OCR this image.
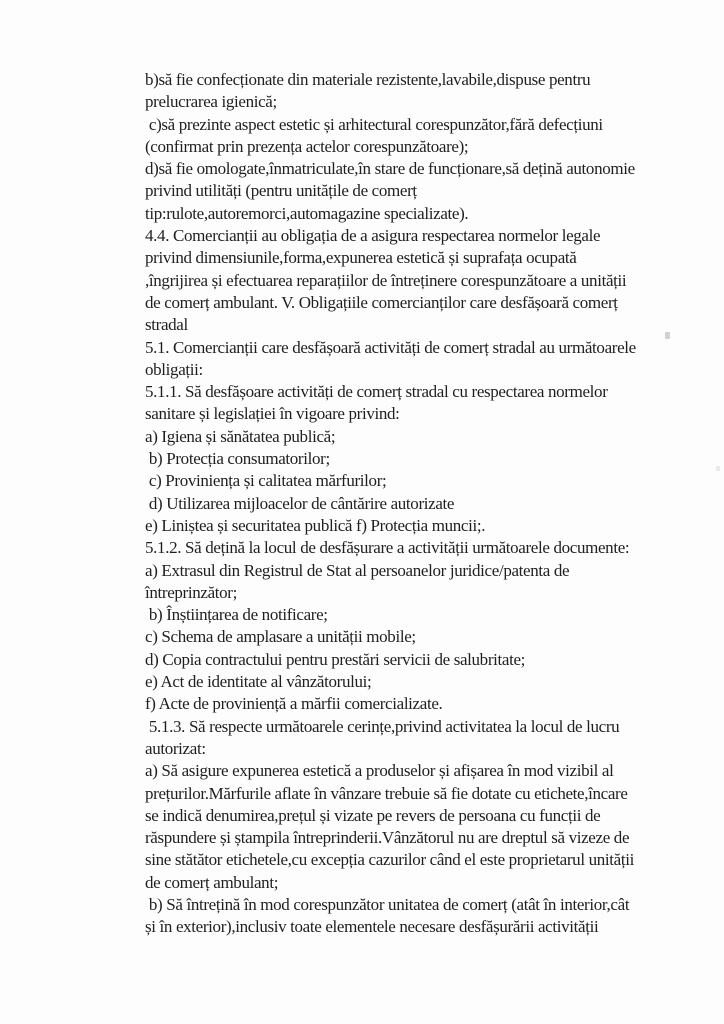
b)să fie confecționate din materiale rezistente,lavabile,dispuse pentru
prelucrarea igienică;
c)să prezinte aspect estetic și arhitectural corespunzător,fără defecțiuni
(confirmat prin prezența actelor corespunzătoare);
d)să fie omologate,înmatriculate,în stare de funcționare,să dețină autonomie
privind utilități (pentru unitățile de comerț
tip:rulote,autoremorci,automagazine specializate).
4.4. Comercianții au obligația de a asigura respectarea normelor legale
privind dimensiunile,forma,expunerea estetică și suprafața ocupată
,îngrijirea și efectuarea reparațiilor de întreținere corespunzătoare a unității
de comerț ambulant. V. Obligațiile comercianților care desfășoară comerț
stradal
5.1. Comercianții care desfășoară activități de comerț stradal au următoarele
obligații:
5.1.1. Să desfășoare activități de comerț stradal cu respectarea normelor
sanitare și legislației în vigoare privind:
a) Igiena și sănătatea publică;
b) Protecția consumatorilor;
c) Proviniența și calitatea mărfurilor;
d) Utilizarea mijloacelor de cântărire autorizate
e) Liniștea și securitatea publică f) Protecția muncii;.
5.1.2. Să dețină la locul de desfășurare a activității următoarele documente:
a) Extrasul din Registrul de Stat al persoanelor juridice/patenta de
întreprinzător;
b) Înștiințarea de notificare;
c) Schema de amplasare a unității mobile;
d) Copia contractului pentru prestări servicii de salubritate;
e) Act de identitate al vânzătorului;
f) Acte de proviniență a mărfii comercializate.
5.1.3. Să respecte următoarele cerințe,privind activitatea la locul de lucru
autorizat:
a) Să asigure expunerea estetică a produselor și afișarea în mod vizibil al
prețurilor.Mărfurile aflate în vânzare trebuie să fie dotate cu etichete,încare
se indică denumirea,prețul și vizate pe revers de persoana cu funcții de
răspundere și ștampila întreprinderii.Vânzătorul nu are dreptul să vizeze de
sine stătător etichetele,cu excepția cazurilor când el este proprietarul unității
de comerț ambulant;
b) Să întrețină în mod corespunzător unitatea de comerț (atât în interior,cât
și în exterior),inclusiv toate elementele necesare desfășurării activității
